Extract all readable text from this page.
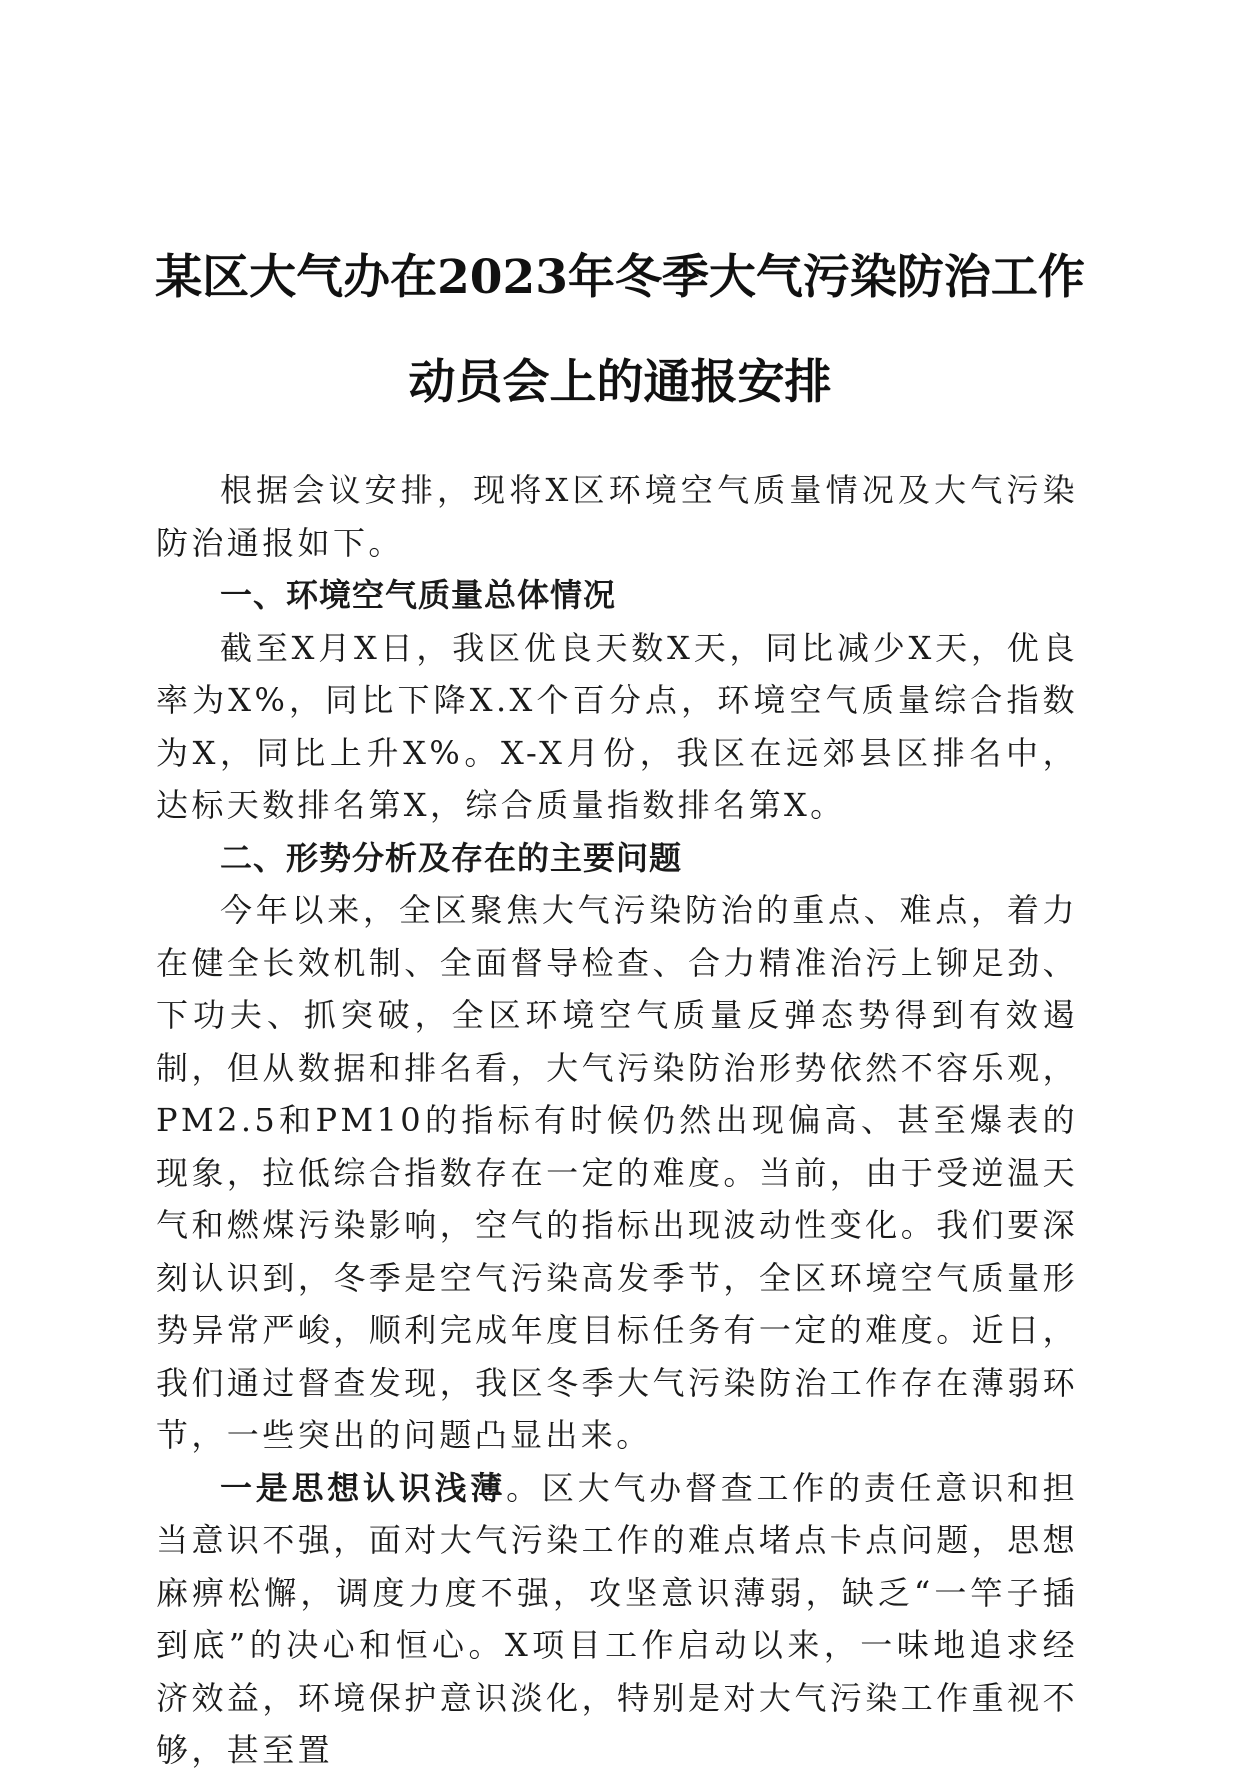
某区大气办在2023年冬季大气污染防治工作
动员会上的通报安排

根据会议安排，现将X区环境空气质量情况及大气污染防治通报如下。

一、环境空气质量总体情况

截至X月X日，我区优良天数X天，同比减少X天，优良率为X%，同比下降X.X个百分点，环境空气质量综合指数为X，同比上升X%。X-X月份，我区在远郊县区排名中，达标天数排名第X，综合质量指数排名第X。

二、形势分析及存在的主要问题

今年以来，全区聚焦大气污染防治的重点、难点，着力在健全长效机制、全面督导检查、合力精准治污上铆足劲、下功夫、抓突破，全区环境空气质量反弹态势得到有效遏制，但从数据和排名看，大气污染防治形势依然不容乐观，PM2.5和PM10的指标有时候仍然出现偏高、甚至爆表的现象，拉低综合指数存在一定的难度。当前，由于受逆温天气和燃煤污染影响，空气的指标出现波动性变化。我们要深刻认识到，冬季是空气污染高发季节，全区环境空气质量形势异常严峻，顺利完成年度目标任务有一定的难度。近日，我们通过督查发现，我区冬季大气污染防治工作存在薄弱环节，一些突出的问题凸显出来。

一是思想认识浅薄。区大气办督查工作的责任意识和担当意识不强，面对大气污染工作的难点堵点卡点问题，思想麻痹松懈，调度力度不强，攻坚意识薄弱，缺乏“一竿子插到底”的决心和恒心。X项目工作启动以来，一味地追求经济效益，环境保护意识淡化，特别是对大气污染工作重视不够，甚至置
